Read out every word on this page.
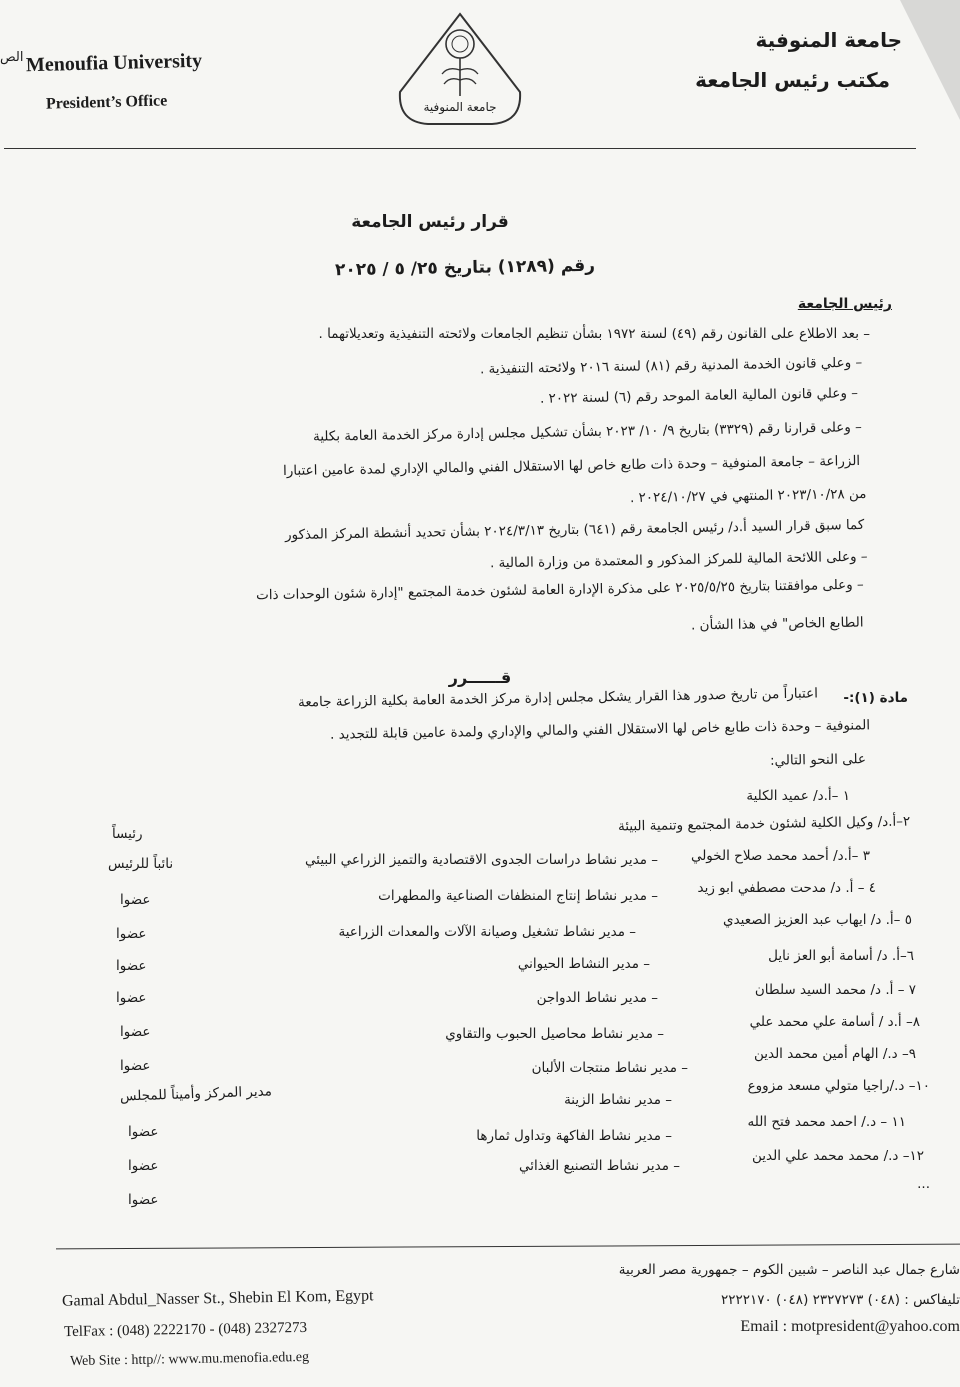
الص Menoufia University
President’s Office	جامعة المنوفية
جامعة المنوفية
مكتب رئيس الجامعة
قرار رئيس الجامعة
رقم (١٢٨٩) بتاريخ ٢٥/ ٥ / ٢٠٢٥
رئيس الجامعة
– بعد الاطلاع على القانون رقم (٤٩) لسنة ١٩٧٢ بشأن تنظيم الجامعات ولائحته التنفيذية وتعديلاتهما .
– وعلي قانون الخدمة المدنية رقم (٨١) لسنة ٢٠١٦ ولائحته التنفيذية .
– وعلي قانون المالية العامة الموحد رقم (٦) لسنة ٢٠٢٢ .
– وعلى قرارنا رقم (٣٣٢٩) بتاريخ ٩/ ١٠/ ٢٠٢٣ بشأن تشكيل مجلس إدارة مركز الخدمة العامة بكلية
الزراعة – جامعة المنوفية – وحدة ذات طابع خاص لها الاستقلال الفني والمالي الإداري لمدة عامين اعتبارا
من ٢٠٢٣/١٠/٢٨ المنتهي في ٢٠٢٤/١٠/٢٧ .
كما سبق قرار السيد أ.د/ رئيس الجامعة رقم (٦٤١) بتاريخ ٢٠٢٤/٣/١٣ بشأن تحديد أنشطة المركز المذكور
– وعلى اللائحة المالية للمركز المذكور و المعتمدة من وزارة المالية .
– وعلى موافقتنا بتاريخ ٢٠٢٥/٥/٢٥ على مذكرة الإدارة العامة لشئون خدمة المجتمع "إدارة شئون الوحدات ذات
الطابع الخاص" في هذا الشأن .
قــــــرر
مادة (١):-
اعتباراً من تاريخ صدور هذا القرار يشكل مجلس إدارة مركز الخدمة العامة بكلية الزراعة جامعة
المنوفية – وحدة ذات طابع خاص لها الاستقلال الفني والمالي والإداري ولمدة عامين قابلة للتجديد .
على النحو التالي:
١ –أ.د/ عميد الكلية
٢–أ.د/ وكيل الكلية لشئون خدمة المجتمع وتنمية البيئة
٣ –أ.د/ أحمد محمد صلاح الخولي
٤ – أ. د/ مدحت مصطفي ابو زيد
٥ –أ. د/ ايهاب عبد العزيز الصعيدي
٦–أ. د/ أسامة أبو العز نايل
٧ – أ. د/ محمد السيد سلطان
٨– أ.د / أسامة علي محمد علي
٩– د./ الهام أمين محمد الدين
١٠– د./راجيا متولي مسعد مزووع
١١ – د./ احمد محمد فتح الله
١٢– د./ محمد محمد علي الدين
...
– مدير نشاط دراسات الجدوى الاقتصادية والتميز الزراعي البيئي
– مدير نشاط إنتاج المنظفات الصناعية والمطهرات
– مدير نشاط تشغيل وصيانة الآلات والمعدات الزراعية
– مدير النشاط الحيواني
– مدير نشاط الدواجن
– مدير نشاط محاصيل الحبوب والتقاوي
– مدير نشاط منتجات الألبان
– مدير نشاط الزينة
– مدير نشاط الفاكهة وتداول ثمارها
– مدير نشاط التصنيع الغذائي
رئيساً
نائباً للرئيس
عضوا
عضوا
عضوا
عضوا
عضوا
عضوا
مدير المركز وأميناً للمجلس
عضوا
عضوا
عضوا
Gamal Abdul_Nasser St., Shebin El Kom, Egypt
TelFax : (048) 2222170 - (048) 2327273
Web Site : http//: www.mu.menofia.edu.eg
شارع جمال عبد الناصر – شبين الكوم – جمهورية مصر العربية
تليفاكس : (٠٤٨) ٢٣٢٧٢٧٣ (٠٤٨) ٢٢٢٢١٧٠
Email : motpresident@yahoo.com
